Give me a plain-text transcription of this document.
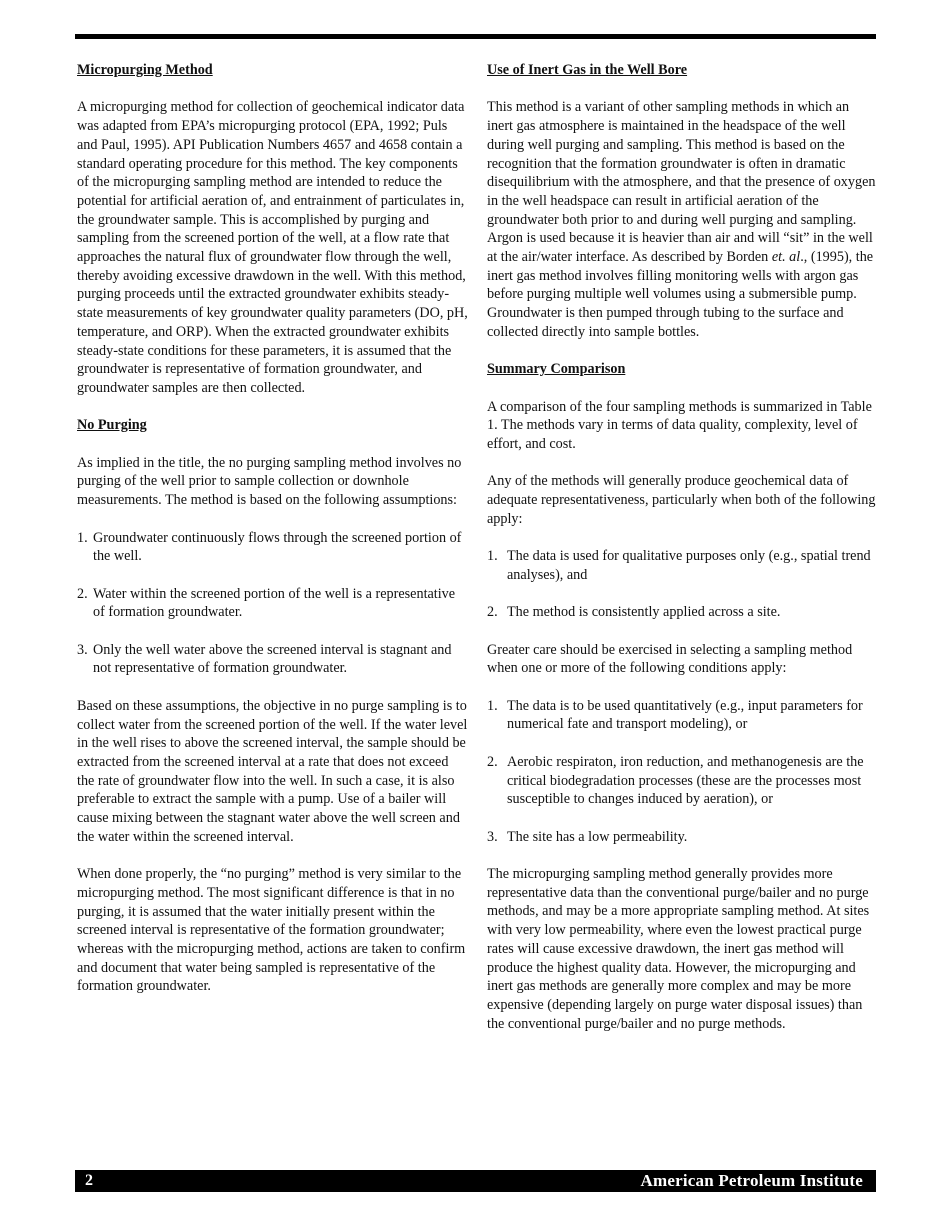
Micropurging Method

A micropurging method for collection of geochemical indicator data was adapted from EPA’s micropurging protocol (EPA, 1992; Puls and Paul, 1995). API Publication Numbers 4657 and 4658 contain a standard operating procedure for this method. The key components of the micropurging sampling method are intended to reduce the potential for artificial aeration of, and entrainment of particulates in, the groundwater sample. This is accomplished by purging and sampling from the screened portion of the well, at a flow rate that approaches the natural flux of groundwater flow through the well, thereby avoiding excessive drawdown in the well. With this method, purging proceeds until the extracted groundwater exhibits steady-state measurements of key groundwater quality parameters (DO, pH, temperature, and ORP). When the extracted groundwater exhibits steady-state conditions for these parameters, it is assumed that the groundwater is representative of formation groundwater, and groundwater samples are then collected.

No Purging

As implied in the title, the no purging sampling method involves no purging of the well prior to sample collection or downhole measurements. The method is based on the following assumptions:

1. Groundwater continuously flows through the screened portion of the well.
2. Water within the screened portion of the well is a representative of formation groundwater.
3. Only the well water above the screened interval is stagnant and not representative of formation groundwater.

Based on these assumptions, the objective in no purge sampling is to collect water from the screened portion of the well. If the water level in the well rises to above the screened interval, the sample should be extracted from the screened interval at a rate that does not exceed the rate of groundwater flow into the well. In such a case, it is also preferable to extract the sample with a pump. Use of a bailer will cause mixing between the stagnant water above the well screen and the water within the screened interval.

When done properly, the “no purging” method is very similar to the micropurging method. The most significant difference is that in no purging, it is assumed that the water initially present within the screened interval is representative of the formation groundwater; whereas with the micropurging method, actions are taken to confirm and document that water being sampled is representative of the formation groundwater.

Use of Inert Gas in the Well Bore

This method is a variant of other sampling methods in which an inert gas atmosphere is maintained in the headspace of the well during well purging and sampling. This method is based on the recognition that the formation groundwater is often in dramatic disequilibrium with the atmosphere, and that the presence of oxygen in the well headspace can result in artificial aeration of the groundwater both prior to and during well purging and sampling. Argon is used because it is heavier than air and will “sit” in the well at the air/water interface. As described by Borden et. al., (1995), the inert gas method involves filling monitoring wells with argon gas before purging multiple well volumes using a submersible pump. Groundwater is then pumped through tubing to the surface and collected directly into sample bottles.

Summary Comparison

A comparison of the four sampling methods is summarized in Table 1. The methods vary in terms of data quality, complexity, level of effort, and cost.

Any of the methods will generally produce geochemical data of adequate representativeness, particularly when both of the following apply:

1. The data is used for qualitative purposes only (e.g., spatial trend analyses), and
2. The method is consistently applied across a site.

Greater care should be exercised in selecting a sampling method when one or more of the following conditions apply:

1. The data is to be used quantitatively (e.g., input parameters for numerical fate and transport modeling), or
2. Aerobic respiraton, iron reduction, and methanogenesis are the critical biodegradation processes (these are the processes most susceptible to changes induced by aeration), or
3. The site has a low permeability.

The micropurging sampling method generally provides more representative data than the conventional purge/bailer and no purge methods, and may be a more appropriate sampling method. At sites with very low permeability, where even the lowest practical purge rates will cause excessive drawdown, the inert gas method will produce the highest quality data. However, the micropurging and inert gas methods are generally more complex and may be more expensive (depending largely on purge water disposal issues) than the conventional purge/bailer and no purge methods.

2	American Petroleum Institute
